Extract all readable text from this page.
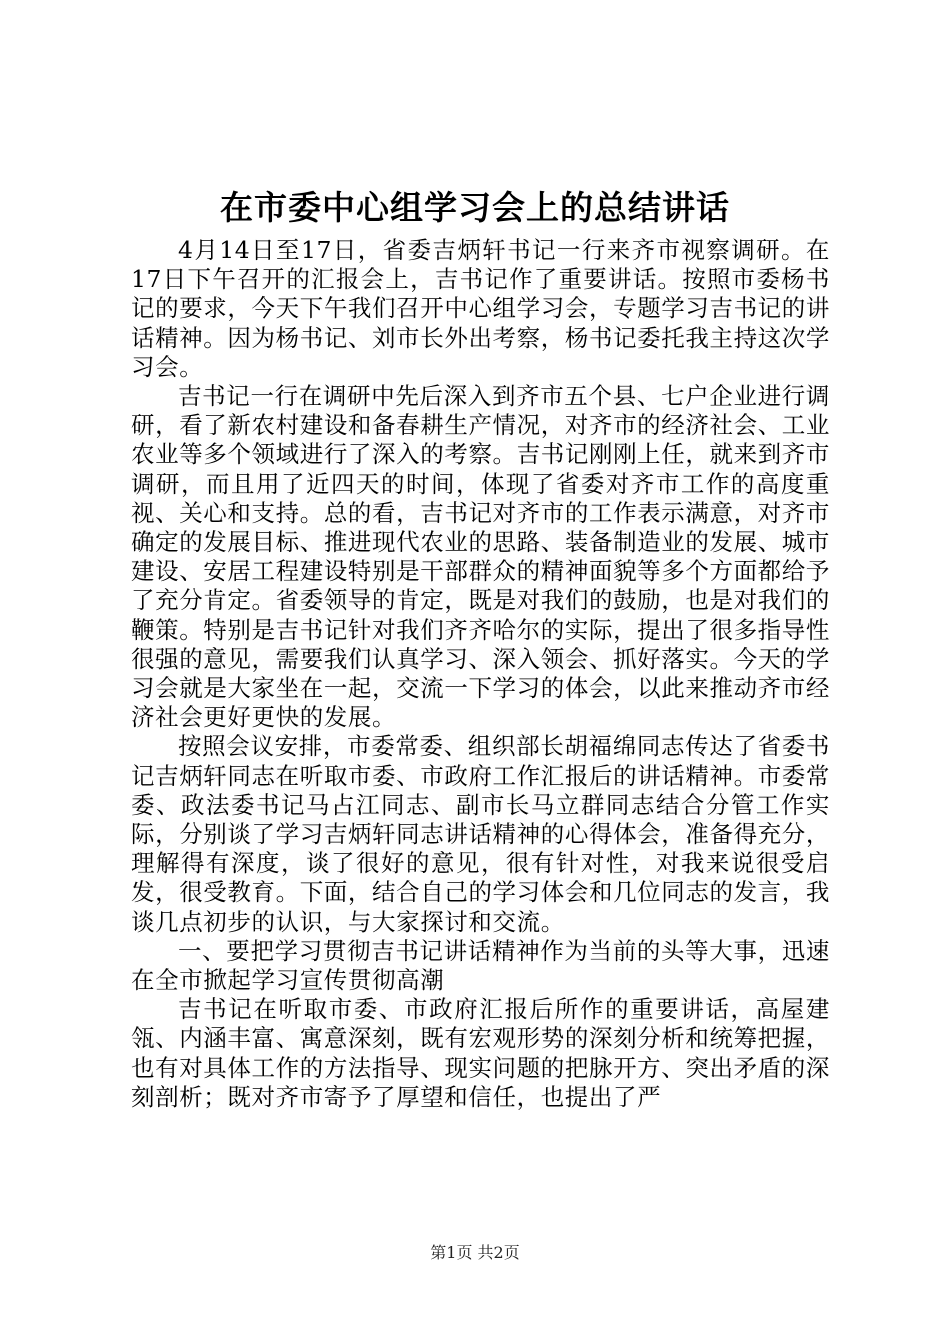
在市委中心组学习会上的总结讲话

4月14日至17日，省委吉炳轩书记一行来齐市视察调研。在17日下午召开的汇报会上，吉书记作了重要讲话。按照市委杨书记的要求，今天下午我们召开中心组学习会，专题学习吉书记的讲话精神。因为杨书记、刘市长外出考察，杨书记委托我主持这次学习会。

吉书记一行在调研中先后深入到齐市五个县、七户企业进行调研，看了新农村建设和备春耕生产情况，对齐市的经济社会、工业农业等多个领域进行了深入的考察。吉书记刚刚上任，就来到齐市调研，而且用了近四天的时间，体现了省委对齐市工作的高度重视、关心和支持。总的看，吉书记对齐市的工作表示满意，对齐市确定的发展目标、推进现代农业的思路、装备制造业的发展、城市建设、安居工程建设特别是干部群众的精神面貌等多个方面都给予了充分肯定。省委领导的肯定，既是对我们的鼓励，也是对我们的鞭策。特别是吉书记针对我们齐齐哈尔的实际，提出了很多指导性很强的意见，需要我们认真学习、深入领会、抓好落实。今天的学习会就是大家坐在一起，交流一下学习的体会，以此来推动齐市经济社会更好更快的发展。

按照会议安排，市委常委、组织部长胡福绵同志传达了省委书记吉炳轩同志在听取市委、市政府工作汇报后的讲话精神。市委常委、政法委书记马占江同志、副市长马立群同志结合分管工作实际，分别谈了学习吉炳轩同志讲话精神的心得体会，准备得充分，理解得有深度，谈了很好的意见，很有针对性，对我来说很受启发，很受教育。下面，结合自己的学习体会和几位同志的发言，我谈几点初步的认识，与大家探讨和交流。

一、要把学习贯彻吉书记讲话精神作为当前的头等大事，迅速在全市掀起学习宣传贯彻高潮

吉书记在听取市委、市政府汇报后所作的重要讲话，高屋建瓴、内涵丰富、寓意深刻，既有宏观形势的深刻分析和统筹把握，也有对具体工作的方法指导、现实问题的把脉开方、突出矛盾的深刻剖析；既对齐市寄予了厚望和信任，也提出了严

第1页 共2页
